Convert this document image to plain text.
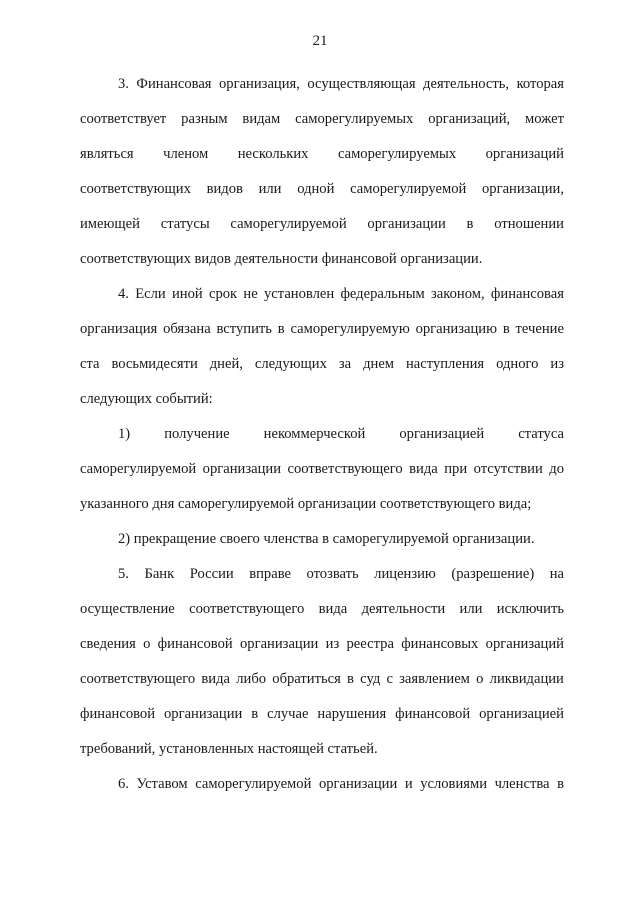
21
3. Финансовая организация, осуществляющая деятельность, которая
соответствует разным видам саморегулируемых организаций, может
являться членом нескольких саморегулируемых организаций
соответствующих видов или одной саморегулируемой организации,
имеющей статусы саморегулируемой организации в отношении
соответствующих видов деятельности финансовой организации.
4. Если иной срок не установлен федеральным законом, финансовая
организация обязана вступить в саморегулируемую организацию в течение
ста восьмидесяти дней, следующих за днем наступления одного из
следующих событий:
1) получение некоммерческой организацией статуса
саморегулируемой организации соответствующего вида при отсутствии до
указанного дня саморегулируемой организации соответствующего вида;
2) прекращение своего членства в саморегулируемой организации.
5. Банк России вправе отозвать лицензию (разрешение) на
осуществление соответствующего вида деятельности или исключить
сведения о финансовой организации из реестра финансовых организаций
соответствующего вида либо обратиться в суд с заявлением о ликвидации
финансовой организации в случае нарушения финансовой организацией
требований, установленных настоящей статьей.
6. Уставом саморегулируемой организации и условиями членства в
